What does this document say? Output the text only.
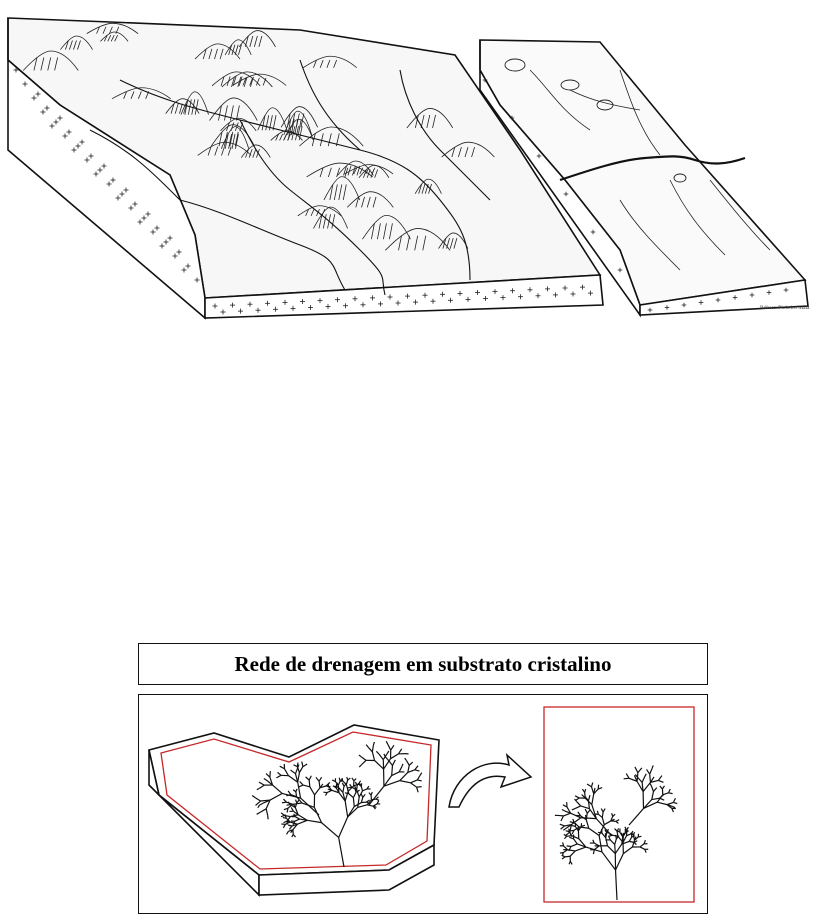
Róbson Pinheiro Maia
Rede de drenagem em substrato cristalino
